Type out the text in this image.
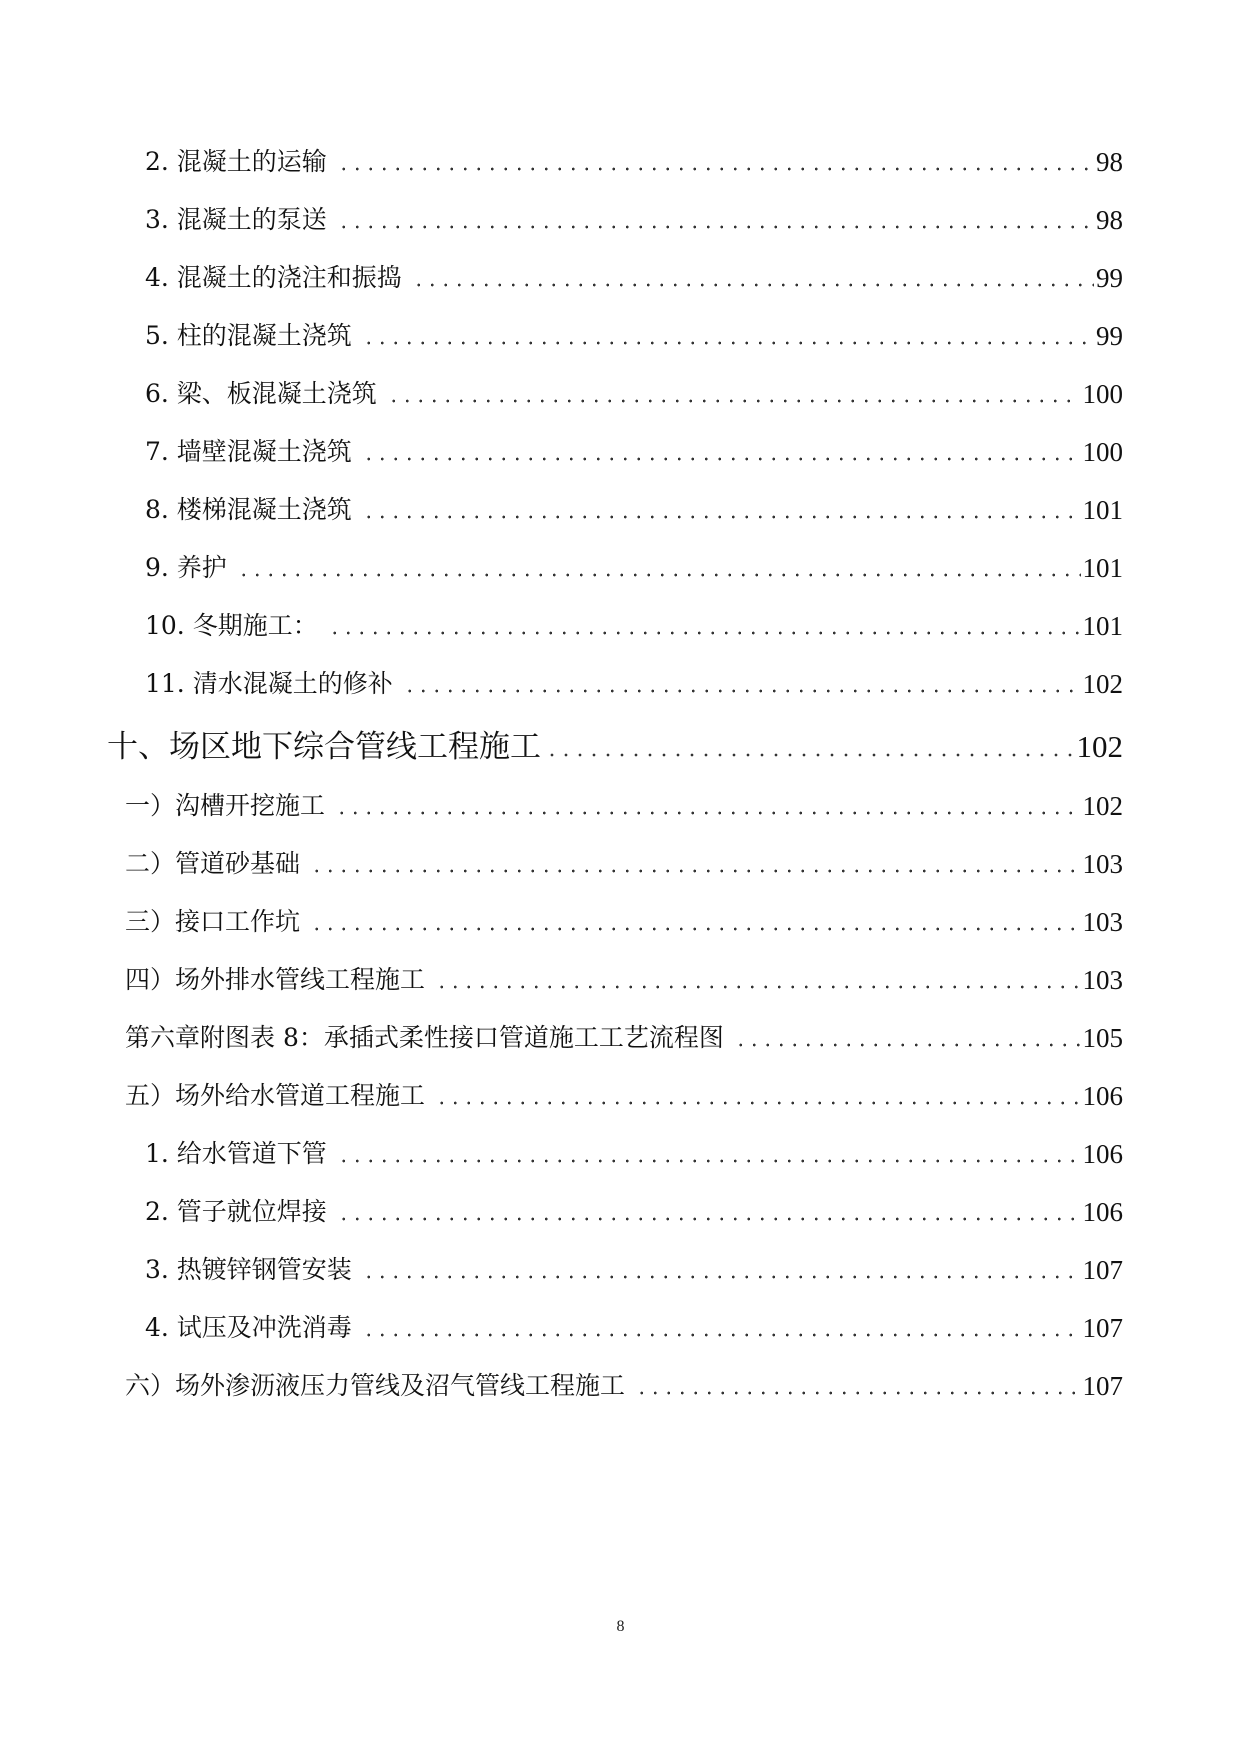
2. 混凝土的运输	98
3. 混凝土的泵送	98
4. 混凝土的浇注和振捣	99
5. 柱的混凝土浇筑	99
6. 梁、板混凝土浇筑	100
7. 墙壁混凝土浇筑	100
8. 楼梯混凝土浇筑	101
9. 养护	101
10. 冬期施工：	101
11. 清水混凝土的修补	102
十、场区地下综合管线工程施工	102
一）沟槽开挖施工	102
二）管道砂基础	103
三）接口工作坑	103
四）场外排水管线工程施工	103
第六章附图表 8：承插式柔性接口管道施工工艺流程图	105
五）场外给水管道工程施工	106
1. 给水管道下管	106
2. 管子就位焊接	106
3. 热镀锌钢管安装	107
4. 试压及冲洗消毒	107
六）场外渗沥液压力管线及沼气管线工程施工	107
8
